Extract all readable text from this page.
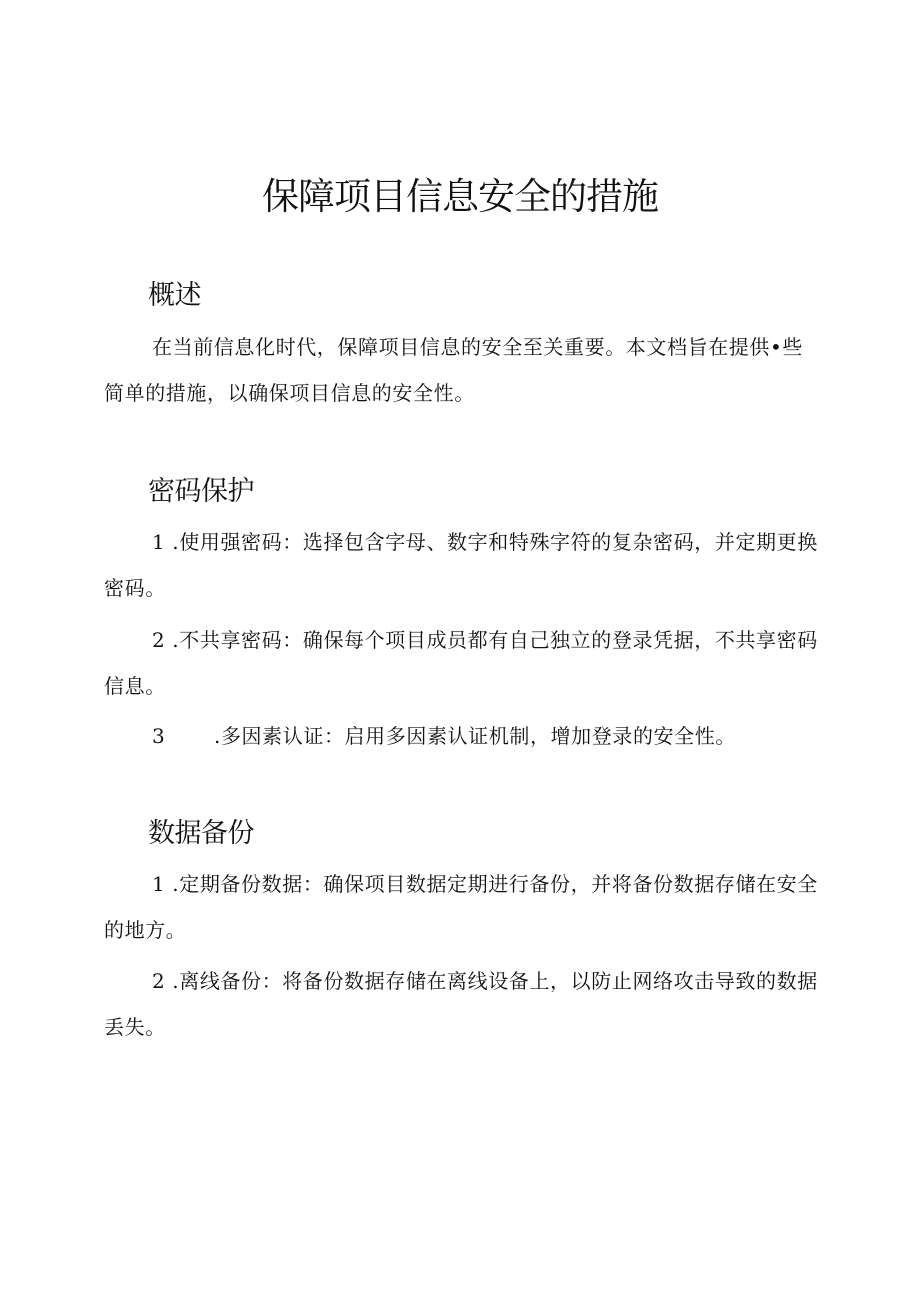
保障项目信息安全的措施
概述

在当前信息化时代，保障项目信息的安全至关重要。本文档旨在提供•些简单的措施，以确保项目信息的安全性。

密码保护

1 .使用强密码：选择包含字母、数字和特殊字符的复杂密码，并定期更换密码。

2 .不共享密码：确保每个项目成员都有自己独立的登录凭据，不共享密码信息。

3 .多因素认证：启用多因素认证机制，增加登录的安全性。

数据备份

1 .定期备份数据：确保项目数据定期进行备份，并将备份数据存储在安全的地方。

2 .离线备份：将备份数据存储在离线设备上，以防止网络攻击导致的数据丢失。
